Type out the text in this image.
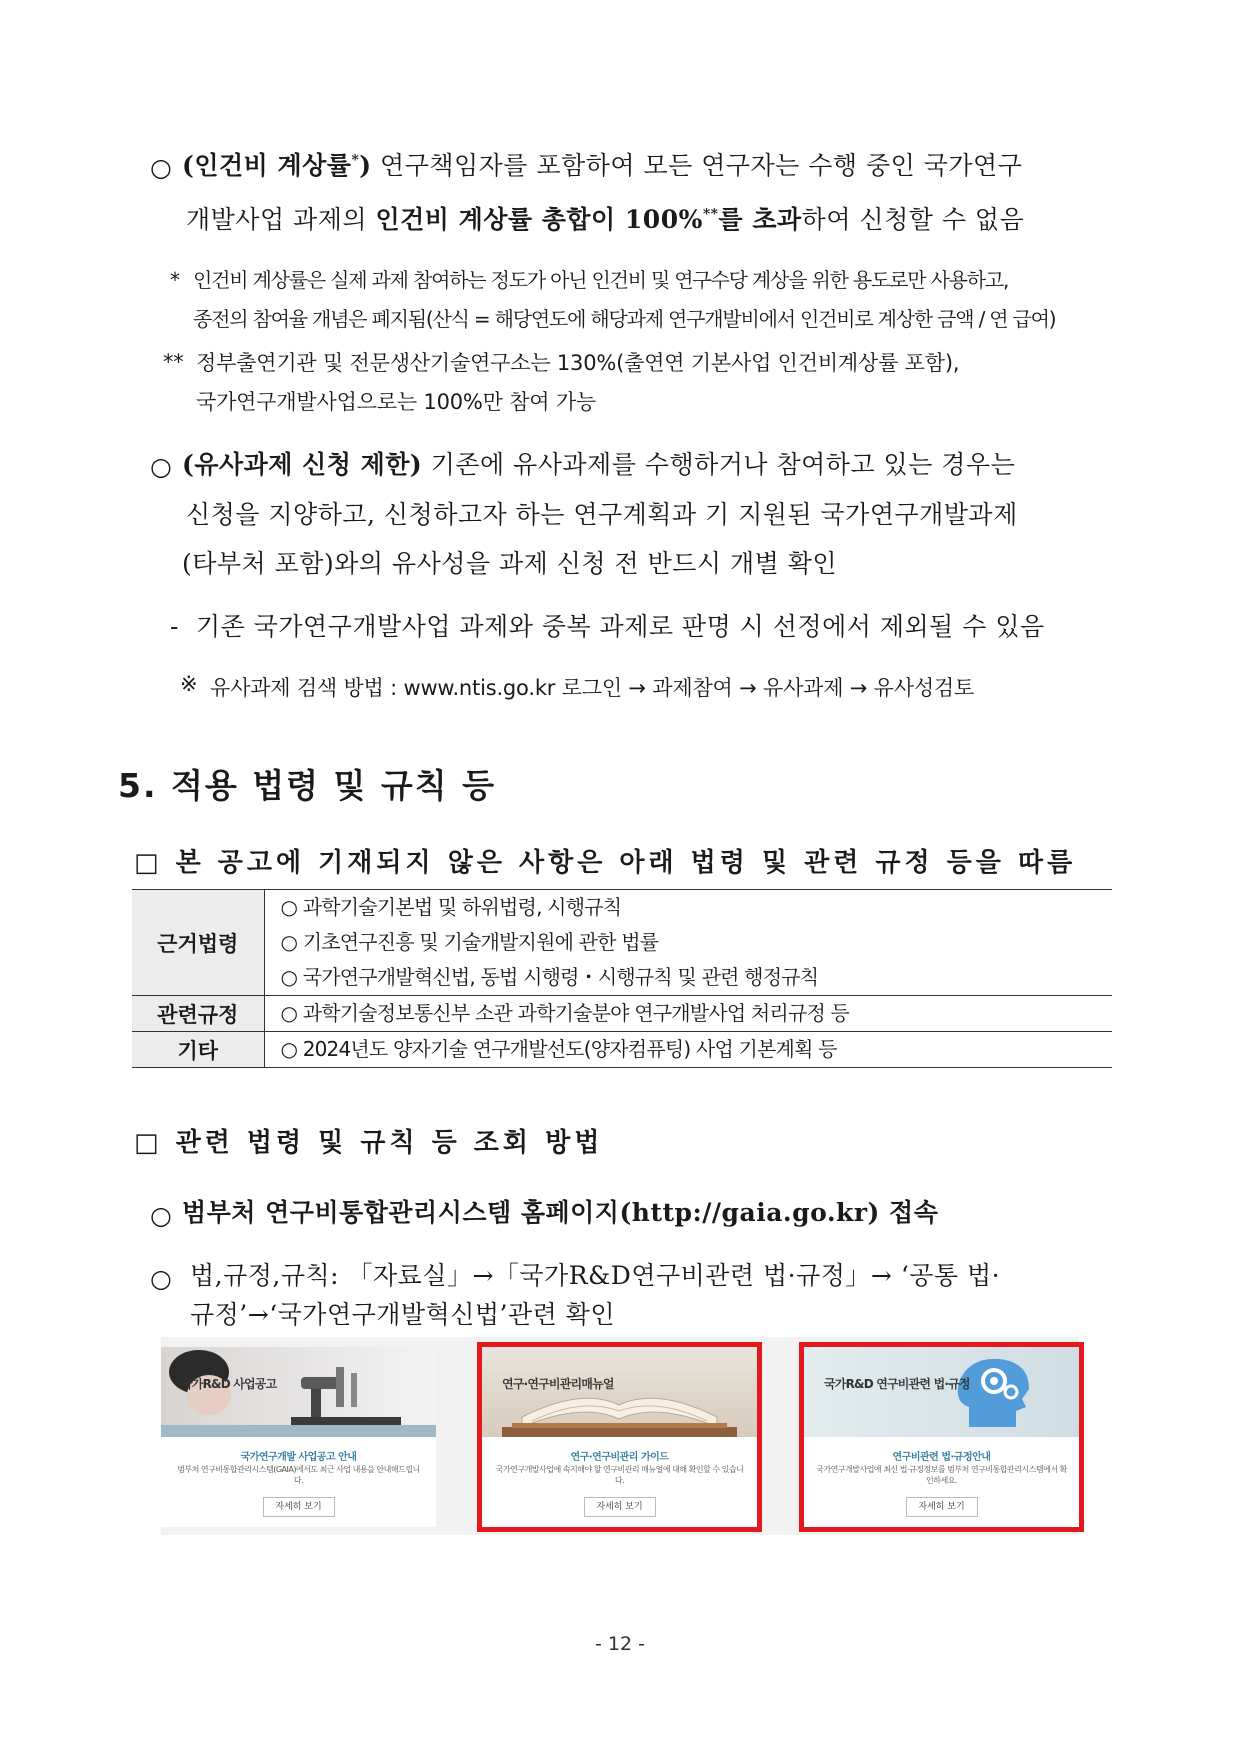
○ (인건비 계상률*) 연구책임자를 포함하여 모든 연구자는 수행 중인 국가연구
개발사업 과제의 인건비 계상률 총합이 100%**를 초과하여 신청할 수 없음
* 인건비 계상률은 실제 과제 참여하는 정도가 아닌 인건비 및 연구수당 계상을 위한 용도로만 사용하고,
종전의 참여율 개념은 폐지됨(산식 = 해당연도에 해당과제 연구개발비에서 인건비로 계상한 금액 / 연 급여)
** 정부출연기관 및 전문생산기술연구소는 130%(출연연 기본사업 인건비계상률 포함),
국가연구개발사업으로는 100%만 참여 가능
○ (유사과제 신청 제한) 기존에 유사과제를 수행하거나 참여하고 있는 경우는
신청을 지양하고, 신청하고자 하는 연구계획과 기 지원된 국가연구개발과제
(타부처 포함)와의 유사성을 과제 신청 전 반드시 개별 확인
- 기존 국가연구개발사업 과제와 중복 과제로 판명 시 선정에서 제외될 수 있음
※ 유사과제 검색 방법 : www.ntis.go.kr 로그인 → 과제참여 → 유사과제 → 유사성검토
5. 적용 법령 및 규칙 등
□ 본 공고에 기재되지 않은 사항은 아래 법령 및 관련 규정 등을 따름
근거법령	○ 과학기술기본법 및 하위법령, 시행규칙
○ 기초연구진흥 및 기술개발지원에 관한 법률
○ 국가연구개발혁신법, 동법 시행령・시행규칙 및 관련 행정규칙

관련규정	○ 과학기술정보통신부 소관 과학기술분야 연구개발사업 처리규정 등

기타	○ 2024년도 양자기술 연구개발선도(양자컴퓨팅) 사업 기본계획 등
□ 관련 법령 및 규칙 등 조회 방법
○ 범부처 연구비통합관리시스템 홈페이지(http://gaia.go.kr) 접속
○ 법,규정,규칙: 「자료실」→「국가R&D연구비관련 법·규정」→ ‘공통 법·
규정’→‘국가연구개발혁신법’관련 확인
국가R&D 사업공고
국가연구개발 사업공고 안내
범부처 연구비통합관리시스템(GAIA)에서도 최근 사업 내용을 안내해드립니다.
자세히 보기
연구·연구비관리매뉴얼
연구·연구비관리 가이드
국가연구개발사업에 속지해야 할 연구비관리 매뉴얼에 대해 확인할 수 있습니다.
자세히 보기
국가R&D 연구비관련 법·규정
연구비관련 법·규정안내
국가연구개발사업에 최신 법·규정정보를 범부처 연구비통합관리시스템에서 확인하세요.
자세히 보기
- 12 -
